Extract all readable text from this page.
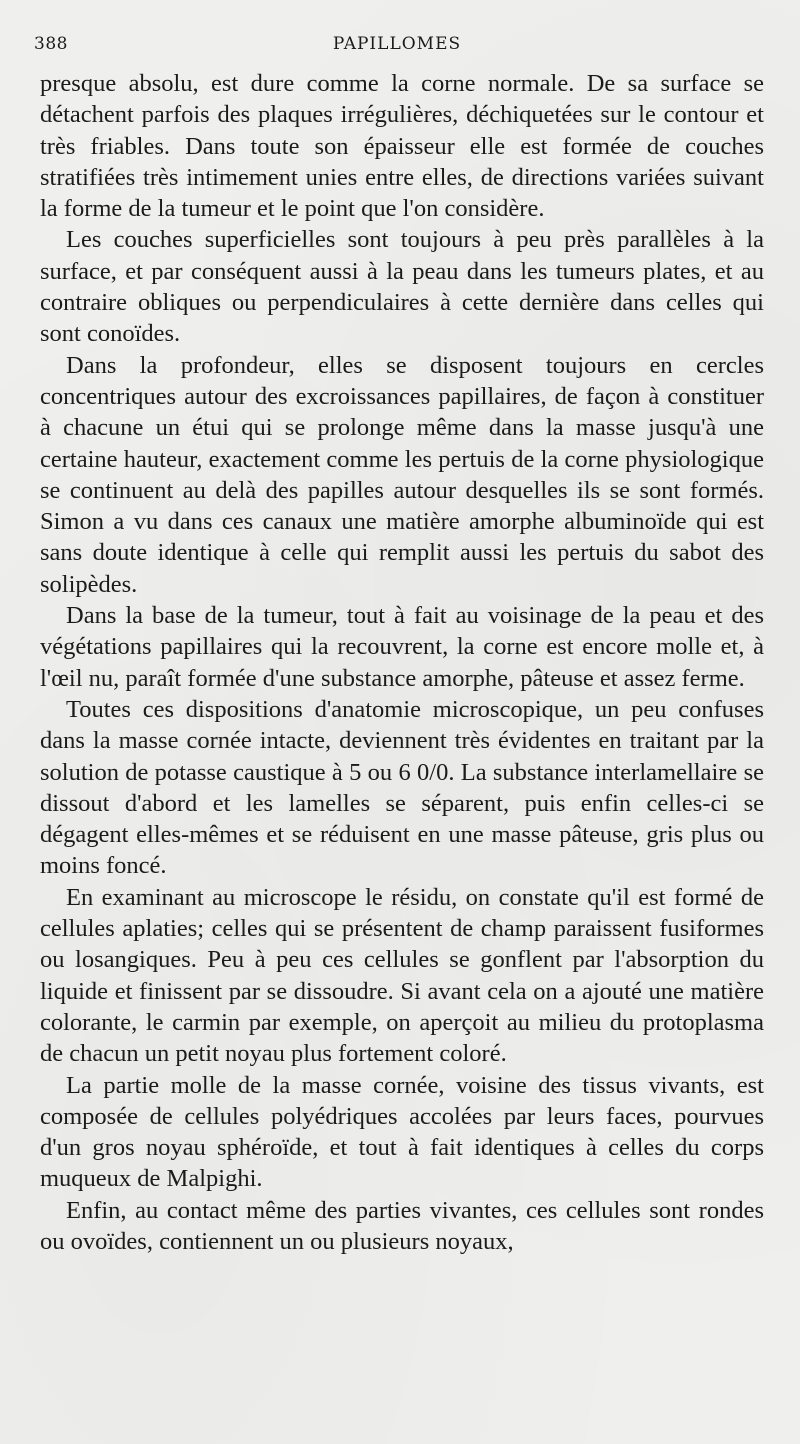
388	PAPILLOMES

presque absolu, est dure comme la corne normale. De sa surface se détachent parfois des plaques irrégulières, déchiquetées sur le contour et très friables. Dans toute son épaisseur elle est formée de couches stratifiées très intimement unies entre elles, de directions variées suivant la forme de la tumeur et le point que l'on considère.

Les couches superficielles sont toujours à peu près parallèles à la surface, et par conséquent aussi à la peau dans les tumeurs plates, et au contraire obliques ou perpendiculaires à cette dernière dans celles qui sont conoïdes.

Dans la profondeur, elles se disposent toujours en cercles concentriques autour des excroissances papillaires, de façon à constituer à chacune un étui qui se prolonge même dans la masse jusqu'à une certaine hauteur, exactement comme les pertuis de la corne physiologique se continuent au delà des papilles autour desquelles ils se sont formés. Simon a vu dans ces canaux une matière amorphe albuminoïde qui est sans doute identique à celle qui remplit aussi les pertuis du sabot des solipèdes.

Dans la base de la tumeur, tout à fait au voisinage de la peau et des végétations papillaires qui la recouvrent, la corne est encore molle et, à l'œil nu, paraît formée d'une substance amorphe, pâteuse et assez ferme.

Toutes ces dispositions d'anatomie microscopique, un peu confuses dans la masse cornée intacte, deviennent très évidentes en traitant par la solution de potasse caustique à 5 ou 6 0/0. La substance interlamellaire se dissout d'abord et les lamelles se séparent, puis enfin celles-ci se dégagent elles-mêmes et se réduisent en une masse pâteuse, gris plus ou moins foncé.

En examinant au microscope le résidu, on constate qu'il est formé de cellules aplaties; celles qui se présentent de champ paraissent fusiformes ou losangiques. Peu à peu ces cellules se gonflent par l'absorption du liquide et finissent par se dissoudre. Si avant cela on a ajouté une matière colorante, le carmin par exemple, on aperçoit au milieu du protoplasma de chacun un petit noyau plus fortement coloré.

La partie molle de la masse cornée, voisine des tissus vivants, est composée de cellules polyédriques accolées par leurs faces, pourvues d'un gros noyau sphéroïde, et tout à fait identiques à celles du corps muqueux de Malpighi.

Enfin, au contact même des parties vivantes, ces cellules sont rondes ou ovoïdes, contiennent un ou plusieurs noyaux,
